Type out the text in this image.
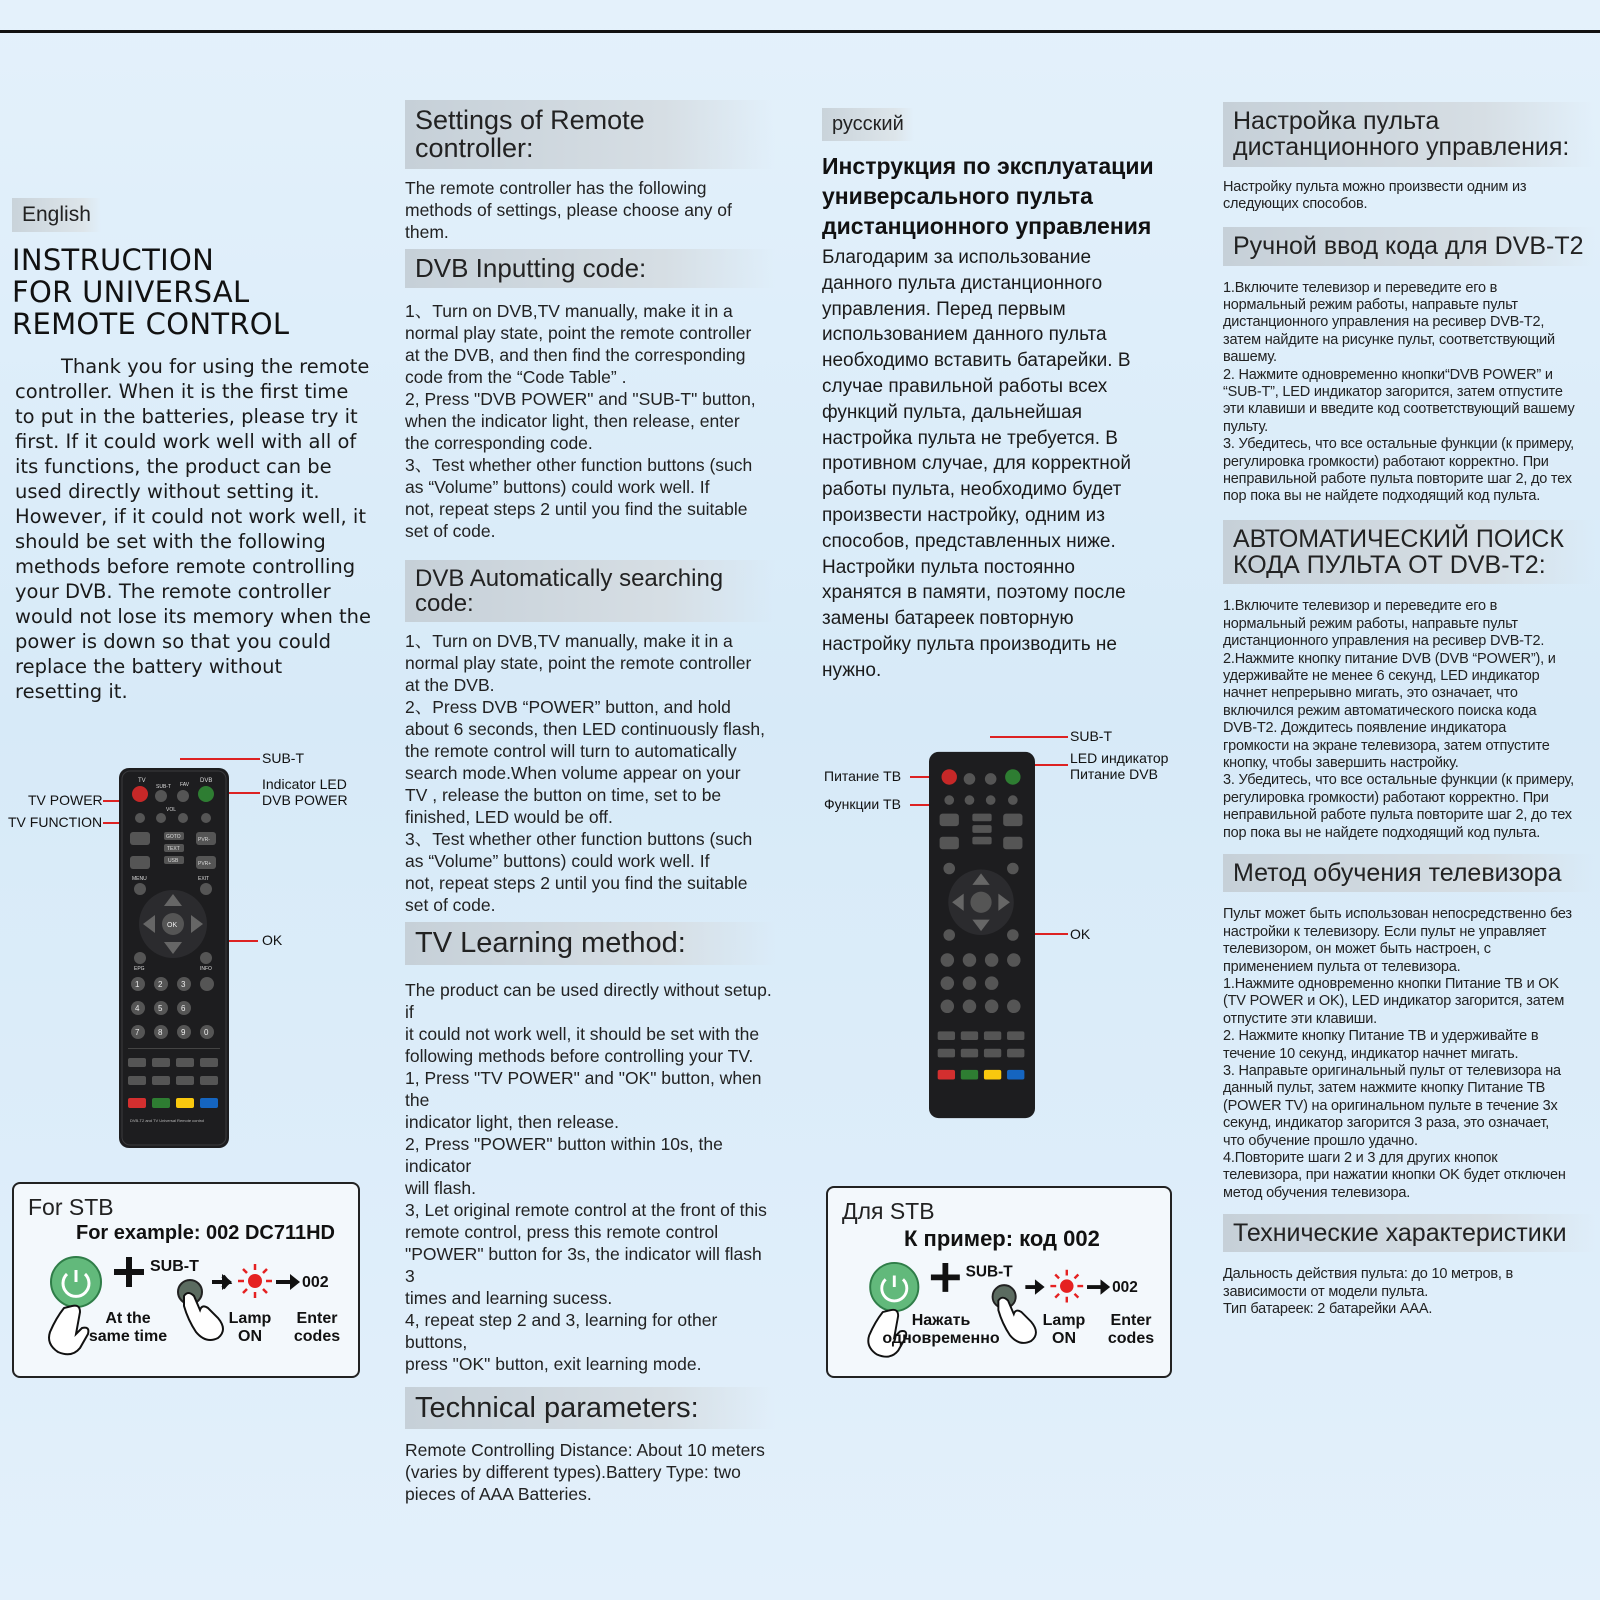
English
INSTRUCTION
FOR UNIVERSAL
REMOTE CONTROL

Thank you for using the remote controller. When it is the first time to put in the batteries, please try it first. If it could work well with all of its functions, the product can be used directly without setting it. However, if it could not work well, it should be set with the following methods before remote controlling your DVB. The remote controller would not lose its memory when the power is down so that you could replace the battery without resetting it.

SUB-T
Indicator LED
DVB POWER
TV POWER
TV FUNCTION
OK
TV
SUB-T FAV
DVB
VOL
GOTO
TEXT
USB
PVR-
PVR+
MENU	EXIT
OK
EPG	INFO
1 2 3
4 5 6
7 8 9 0
DVB-T2 and TV Universal Remote control
For STB
For example: 002 DC711HD
SUB-T
002
At the
same time
Lamp
ON
Enter
codes
Settings of Remote controller:

The remote controller has the following
methods of settings, please choose any of
them.

DVB Inputting code:

1、Turn on DVB,TV manually, make it in a
normal play state, point the remote controller
at the DVB, and then find the corresponding
code from the “Code Table” .
2, Press "DVB POWER" and "SUB-T" button,
when the indicator light, then release, enter
the corresponding code.
3、Test whether other function buttons (such
as “Volume” buttons) could work well. If
not, repeat steps 2 until you find the suitable
set of code.

DVB Automatically searching code:

1、Turn on DVB,TV manually, make it in a
normal play state, point the remote controller
at the DVB.
2、Press DVB “POWER” button, and hold
about 6 seconds, then LED continuously flash,
the remote control will turn to automatically
search mode.When volume appear on your
TV , release the button on time, set to be
finished, LED would be off.
3、Test whether other function buttons (such
as “Volume” buttons) could work well. If
not, repeat steps 2 until you find the suitable
set of code.

TV Learning method:

The product can be used directly without setup. if
it could not work well, it should be set with the
following methods before controlling your TV.
1, Press "TV POWER" and "OK" button, when the
indicator light, then release.
2, Press "POWER" button within 10s, the indicator
will flash.
3, Let original remote control at the front of this
remote control, press this remote control
"POWER" button for 3s, the indicator will flash 3
times and learning sucess.
4, repeat step 2 and 3, learning for other buttons,
press "OK" button, exit learning mode.

Technical parameters:

Remote Controlling Distance: About 10 meters
(varies by different types).Battery Type: two
pieces of AAA Batteries.

русский
Инструкция по эксплуатации
универсального пульта
дистанционного управления

Благодарим за использование
данного пульта дистанционного
управления. Перед первым
использованием данного пульта
необходимо вставить батарейки. В
случае правильной работы всех
функций пульта, дальнейшая
настройка пульта не требуется. В
противном случае, для корректной
работы пульта, необходимо будет
произвести настройку, одним из
способов, представленных ниже.
Настройки пульта постоянно
хранятся в памяти, поэтому после
замены батареек повторную
настройку пульта производить не
нужно.

SUB-T
LED индикатор
Питание DVB
Питание ТВ
Функции ТВ
OK
Для STB
К пример: код 002
SUB-T
002
Нажать
одновременно
Lamp
ON
Enter
codes
Настройка пульта
дистанционного управления:

Настройку пульта можно произвести одним из
следующих способов.

Ручной ввод кода для DVB-T2

1.Включите телевизор и переведите его в
нормальный режим работы, направьте пульт
дистанционного управления на ресивер DVB-T2,
затем найдите на рисунке пульт, соответствующий
вашему.
2. Нажмите одновременно кнопки“DVB POWER” и
“SUB-T”, LED индикатор загорится, затем отпустите
эти клавиши и введите код соответствующий вашему
пульту.
3. Убедитесь, что все остальные функции (к примеру,
регулировка громкости) работают корректно. При
неправильной работе пульта повторите шаг 2, до тех
пор пока вы не найдете подходящий код пульта.

АВТОМАТИЧЕСКИЙ ПОИСК
КОДА ПУЛЬТА ОТ DVB-T2:

1.Включите телевизор и переведите его в
нормальный режим работы, направьте пульт
дистанционного управления на ресивер DVB-T2.
2.Нажмите кнопку питание DVB (DVB “POWER”), и
удерживайте не менее 6 секунд, LED индикатор
начнет непрерывно мигать, это означает, что
включился режим автоматического поиска кода
DVB-T2. Дождитесь появление индикатора
громкости на экране телевизора, затем отпустите
кнопку, чтобы завершить настройку.
3. Убедитесь, что все остальные функции (к примеру,
регулировка громкости) работают корректно. При
неправильной работе пульта повторите шаг 2, до тех
пор пока вы не найдете подходящий код пульта.

Метод обучения телевизора

Пульт может быть использован непосредственно без
настройки к телевизору. Если пульт не управляет
телевизором, он может быть настроен, с
применением пульта от телевизора.
1.Нажмите одновременно кнопки Питание ТВ и OK
(TV POWER и OK), LED индикатор загорится, затем
отпустите эти клавиши.
2. Нажмите кнопку Питание ТВ и удерживайте в
течение 10 секунд, индикатор начнет мигать.
3. Направьте оригинальный пульт от телевизора на
данный пульт, затем нажмите кнопку Питание ТВ
(POWER TV) на оригинальном пульте в течение 3х
секунд, индикатор загорится 3 раза, это означает,
что обучение прошло удачно.
4.Повторите шаги 2 и 3 для других кнопок
телевизора, при нажатии кнопки OK будет отключен
метод обучения телевизора.

Технические характеристики

Дальность действия пульта: до 10 метров, в
зависимости от модели пульта.
Тип батареек: 2 батарейки AAA.
